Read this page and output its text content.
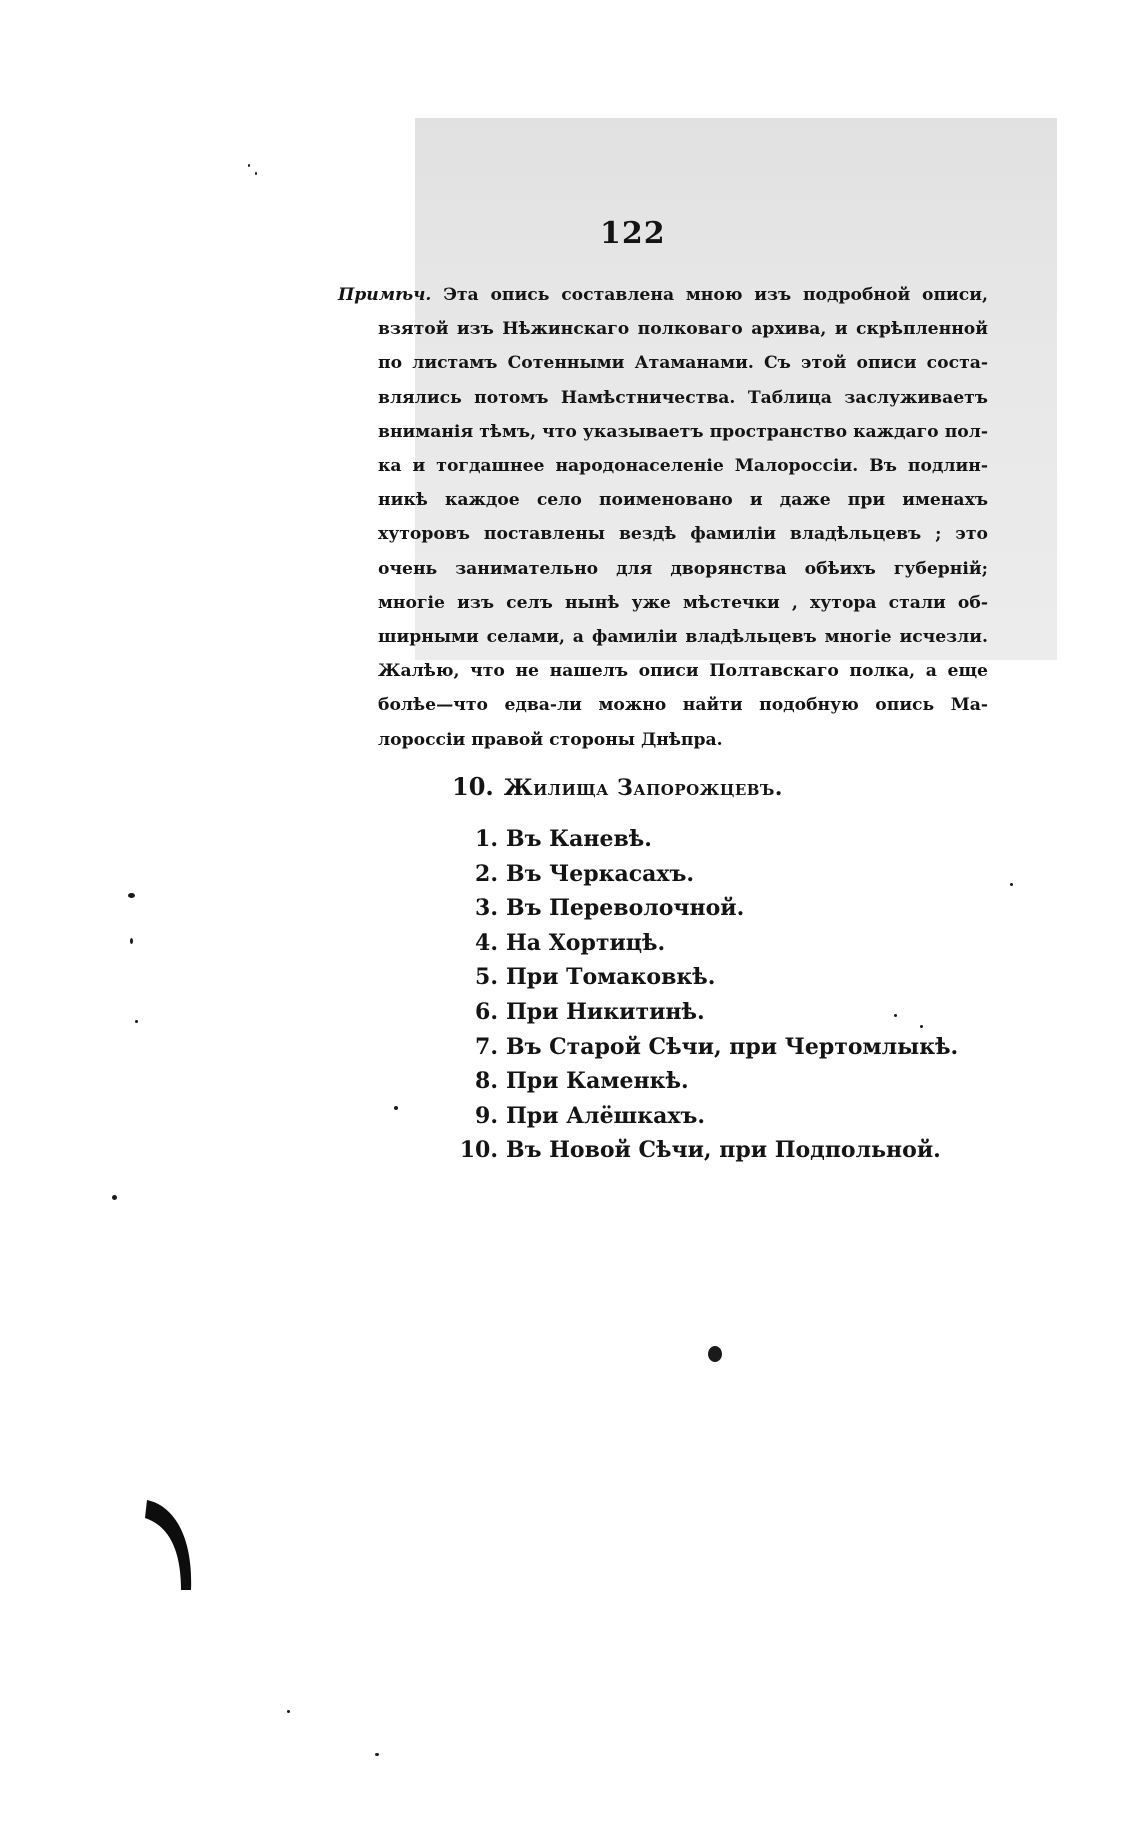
122
Примѣч. Эта опись составлена мною изъ подробной описи,
взятой изъ Нѣжинскаго полковаго архива, и скрѣпленной
по листамъ Сотенными Атаманами. Съ этой описи соста-
влялись потомъ Намѣстничества. Таблица заслуживаетъ
вниманія тѣмъ, что указываетъ пространство каждаго пол-
ка и тогдашнее народонаселеніе Малороссіи. Въ подлин-
никѣ каждое село поименовано и даже при именахъ
хуторовъ поставлены вездѣ фамиліи владѣльцевъ ; это
очень занимательно для дворянства обѣихъ губерній;
многіе изъ селъ нынѣ уже мѣстечки , хутора стали об-
ширными селами, а фамиліи владѣльцевъ многіе исчезли.
Жалѣю, что не нашелъ описи Полтавскаго полка, а еще
болѣе—что едва-ли можно найти подобную опись Ма-
лороссіи правой стороны Днѣпра.
10. Жилища Запорожцевъ.
1. Въ Каневѣ.
2. Въ Черкасахъ.
3. Въ Переволочной.
4. На Хортицѣ.
5. При Томаковкѣ.
6. При Никитинѣ.
7. Въ Старой Сѣчи, при Чертомлыкѣ.
8. При Каменкѣ.
9. При Алёшкахъ.
10. Въ Новой Сѣчи, при Подпольной.
